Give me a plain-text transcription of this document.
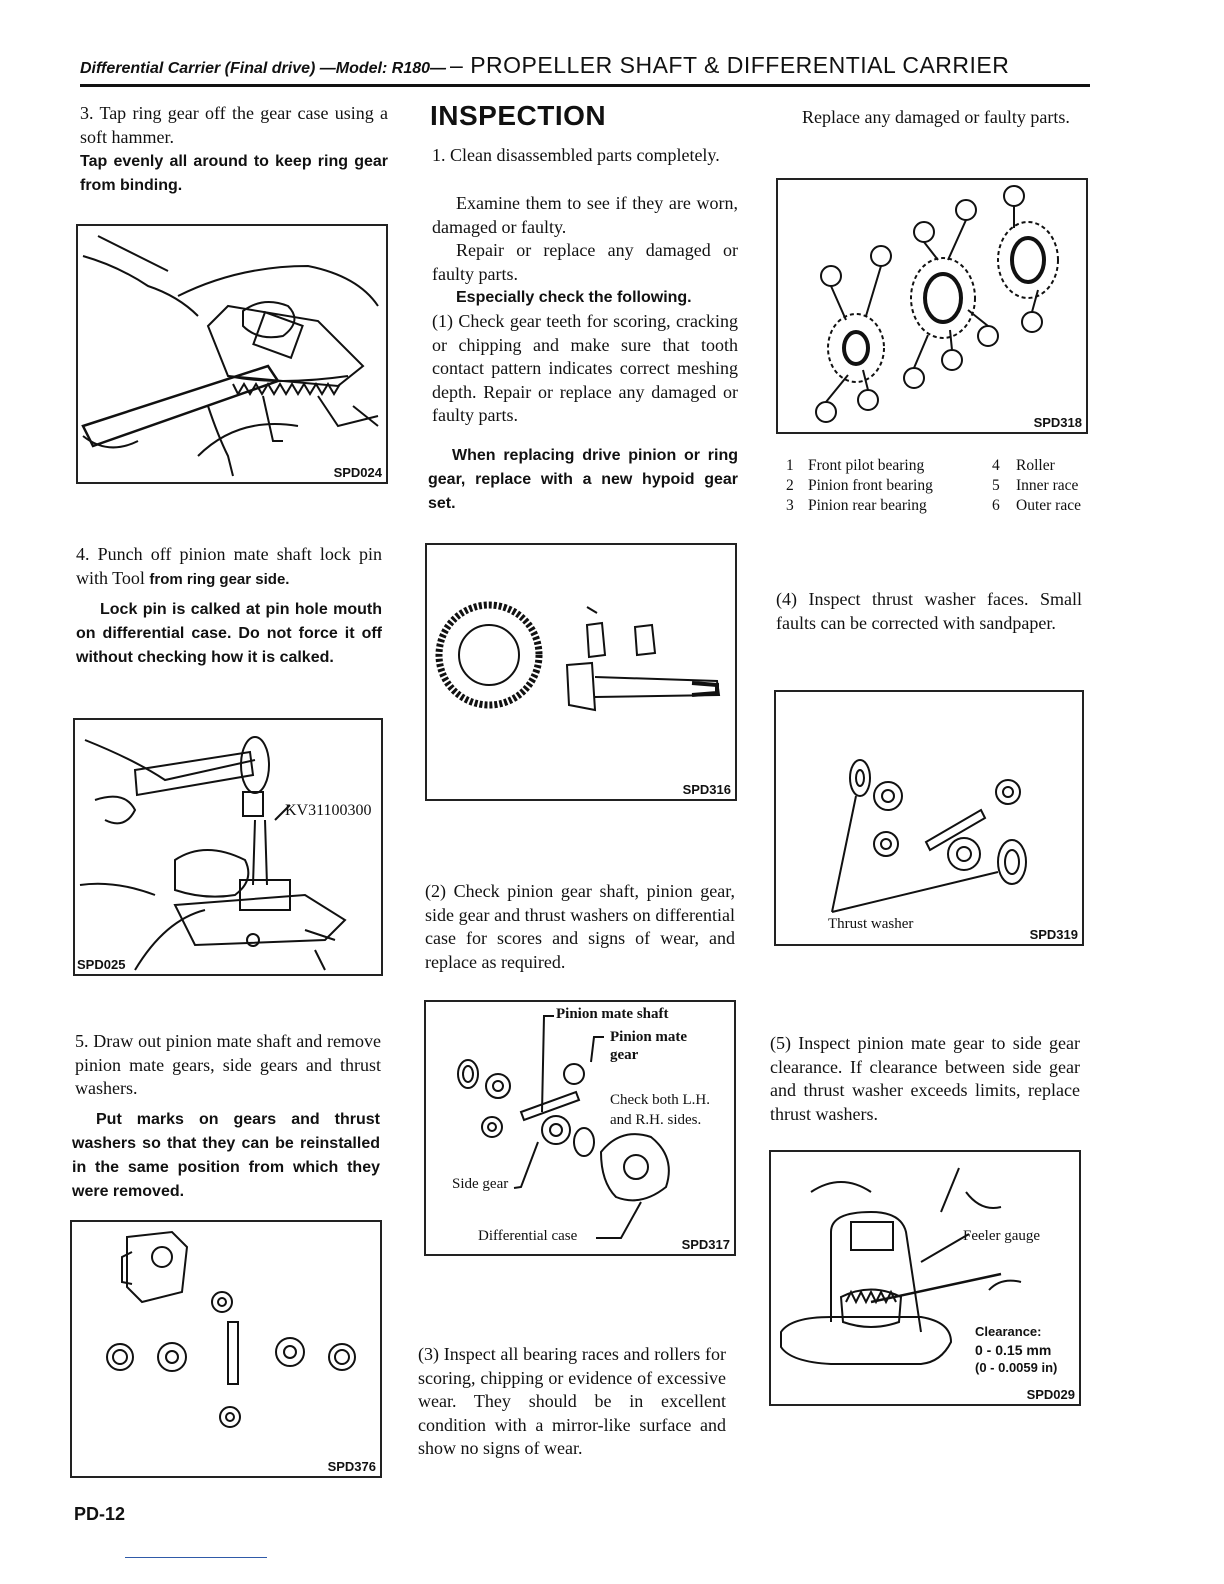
Differential Carrier (Final drive) —Model: R180— – PROPELLER SHAFT & DIFFERENTIAL CARRIER

3. Tap ring gear off the gear case using a soft hammer.

Tap evenly all around to keep ring gear from binding.

SPD024

4. Punch off pinion mate shaft lock pin with Tool from ring gear side.

Lock pin is calked at pin hole mouth on differential case. Do not force it off without checking how it is calked.

KV31100300
SPD025

5. Draw out pinion mate shaft and remove pinion mate gears, side gears and thrust washers.

Put marks on gears and thrust washers so that they can be reinstalled in the same position from which they were removed.

SPD376
INSPECTION

1. Clean disassembled parts completely.

Examine them to see if they are worn, damaged or faulty.

Repair or replace any damaged or faulty parts.

Especially check the following.

(1) Check gear teeth for scoring, cracking or chipping and make sure that tooth contact pattern indicates correct meshing depth. Repair or replace any damaged or faulty parts.

When replacing drive pinion or ring gear, replace with a new hypoid gear set.

SPD316

(2) Check pinion gear shaft, pinion gear, side gear and thrust washers on differential case for scores and signs of wear, and replace as required.

Pinion mate shaft
Pinion mate gear
Check both L.H. and R.H. sides.
Side gear
Differential case
SPD317

(3) Inspect all bearing races and rollers for scoring, chipping or evidence of excessive wear. They should be in excellent condition with a mirror-like surface and show no signs of wear.

Replace any damaged or faulty parts.

SPD318
1	Front pilot bearing	4	Roller
2	Pinion front bearing	5	Inner race
3	Pinion rear bearing	6	Outer race

(4) Inspect thrust washer faces. Small faults can be corrected with sandpaper.

Thrust washer
SPD319

(5) Inspect pinion mate gear to side gear clearance. If clearance between side gear and thrust washer exceeds limits, replace thrust washers.

Feeler gauge
Clearance:
0 - 0.15 mm
(0 - 0.0059 in)
SPD029
PD-12
